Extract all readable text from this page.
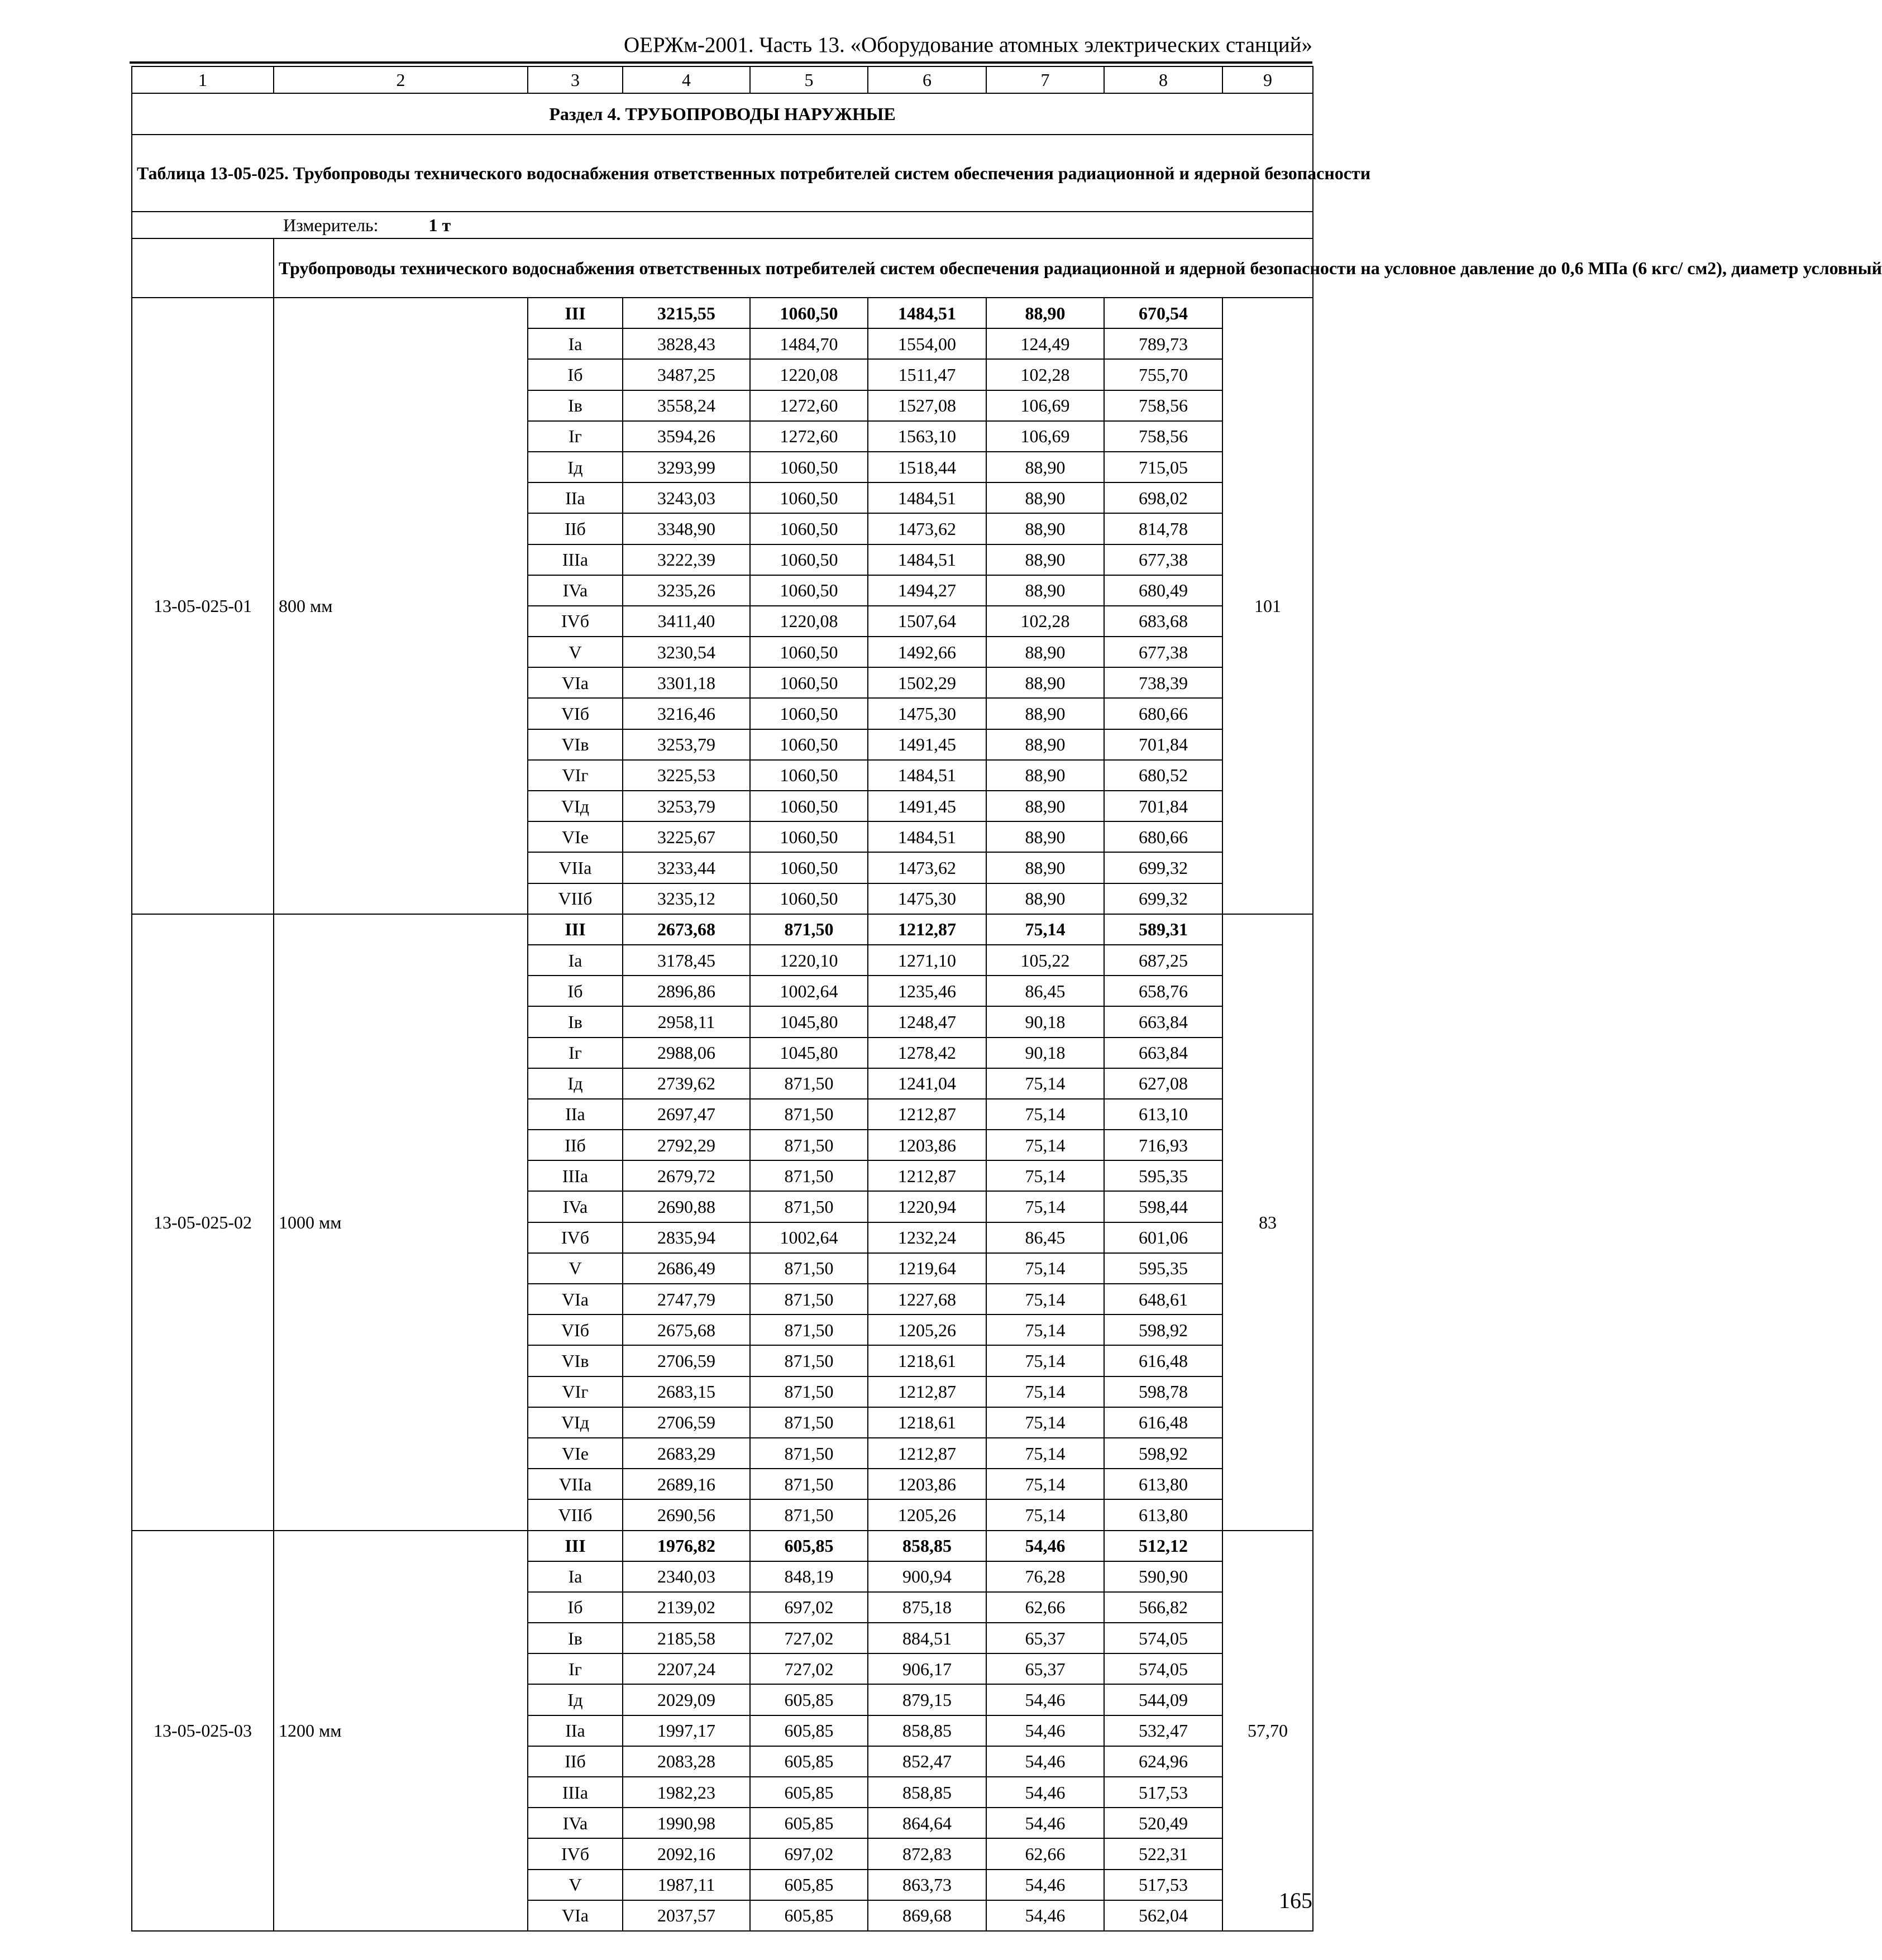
ОЕРЖм-2001. Часть 13. «Оборудование атомных электрических станций»
1	2	3	4	5	6	7	8	9
Раздел 4. ТРУБОПРОВОДЫ НАРУЖНЫЕ								
Таблица 13-05-025. Трубопроводы технического водоснабжения ответственных потребителей систем обеспечения радиационной и ядерной безопасности								
Измеритель: 1 т								
	Трубопроводы технического водоснабжения ответственных потребителей систем обеспечения радиационной и ядерной безопасности на условное давление до 0,6 МПа (6 кгс/ см2), диаметр условный							
13-05-025-01	800 мм	III	3215,55	1060,50	1484,51	88,90	670,54	101
		Ia	3828,43	1484,70	1554,00	124,49	789,73	
		Iб	3487,25	1220,08	1511,47	102,28	755,70	
		Iв	3558,24	1272,60	1527,08	106,69	758,56	
		Iг	3594,26	1272,60	1563,10	106,69	758,56	
		Iд	3293,99	1060,50	1518,44	88,90	715,05	
		IIa	3243,03	1060,50	1484,51	88,90	698,02	
		IIб	3348,90	1060,50	1473,62	88,90	814,78	
		IIIa	3222,39	1060,50	1484,51	88,90	677,38	
		IVa	3235,26	1060,50	1494,27	88,90	680,49	
		IVб	3411,40	1220,08	1507,64	102,28	683,68	
		V	3230,54	1060,50	1492,66	88,90	677,38	
		VIa	3301,18	1060,50	1502,29	88,90	738,39	
		VIб	3216,46	1060,50	1475,30	88,90	680,66	
		VIв	3253,79	1060,50	1491,45	88,90	701,84	
		VIг	3225,53	1060,50	1484,51	88,90	680,52	
		VIд	3253,79	1060,50	1491,45	88,90	701,84	
		VIe	3225,67	1060,50	1484,51	88,90	680,66	
		VIIa	3233,44	1060,50	1473,62	88,90	699,32	
		VIIб	3235,12	1060,50	1475,30	88,90	699,32	
13-05-025-02	1000 мм	III	2673,68	871,50	1212,87	75,14	589,31	83
		Ia	3178,45	1220,10	1271,10	105,22	687,25	
		Iб	2896,86	1002,64	1235,46	86,45	658,76	
		Iв	2958,11	1045,80	1248,47	90,18	663,84	
		Iг	2988,06	1045,80	1278,42	90,18	663,84	
		Iд	2739,62	871,50	1241,04	75,14	627,08	
		IIa	2697,47	871,50	1212,87	75,14	613,10	
		IIб	2792,29	871,50	1203,86	75,14	716,93	
		IIIa	2679,72	871,50	1212,87	75,14	595,35	
		IVa	2690,88	871,50	1220,94	75,14	598,44	
		IVб	2835,94	1002,64	1232,24	86,45	601,06	
		V	2686,49	871,50	1219,64	75,14	595,35	
		VIa	2747,79	871,50	1227,68	75,14	648,61	
		VIб	2675,68	871,50	1205,26	75,14	598,92	
		VIв	2706,59	871,50	1218,61	75,14	616,48	
		VIг	2683,15	871,50	1212,87	75,14	598,78	
		VIд	2706,59	871,50	1218,61	75,14	616,48	
		VIe	2683,29	871,50	1212,87	75,14	598,92	
		VIIa	2689,16	871,50	1203,86	75,14	613,80	
		VIIб	2690,56	871,50	1205,26	75,14	613,80	
13-05-025-03	1200 мм	III	1976,82	605,85	858,85	54,46	512,12	57,70
		Ia	2340,03	848,19	900,94	76,28	590,90	
		Iб	2139,02	697,02	875,18	62,66	566,82	
		Iв	2185,58	727,02	884,51	65,37	574,05	
		Iг	2207,24	727,02	906,17	65,37	574,05	
		Iд	2029,09	605,85	879,15	54,46	544,09	
		IIa	1997,17	605,85	858,85	54,46	532,47	
		IIб	2083,28	605,85	852,47	54,46	624,96	
		IIIa	1982,23	605,85	858,85	54,46	517,53	
		IVa	1990,98	605,85	864,64	54,46	520,49	
		IVб	2092,16	697,02	872,83	62,66	522,31	
		V	1987,11	605,85	863,73	54,46	517,53	
		VIa	2037,57	605,85	869,68	54,46	562,04	
165
